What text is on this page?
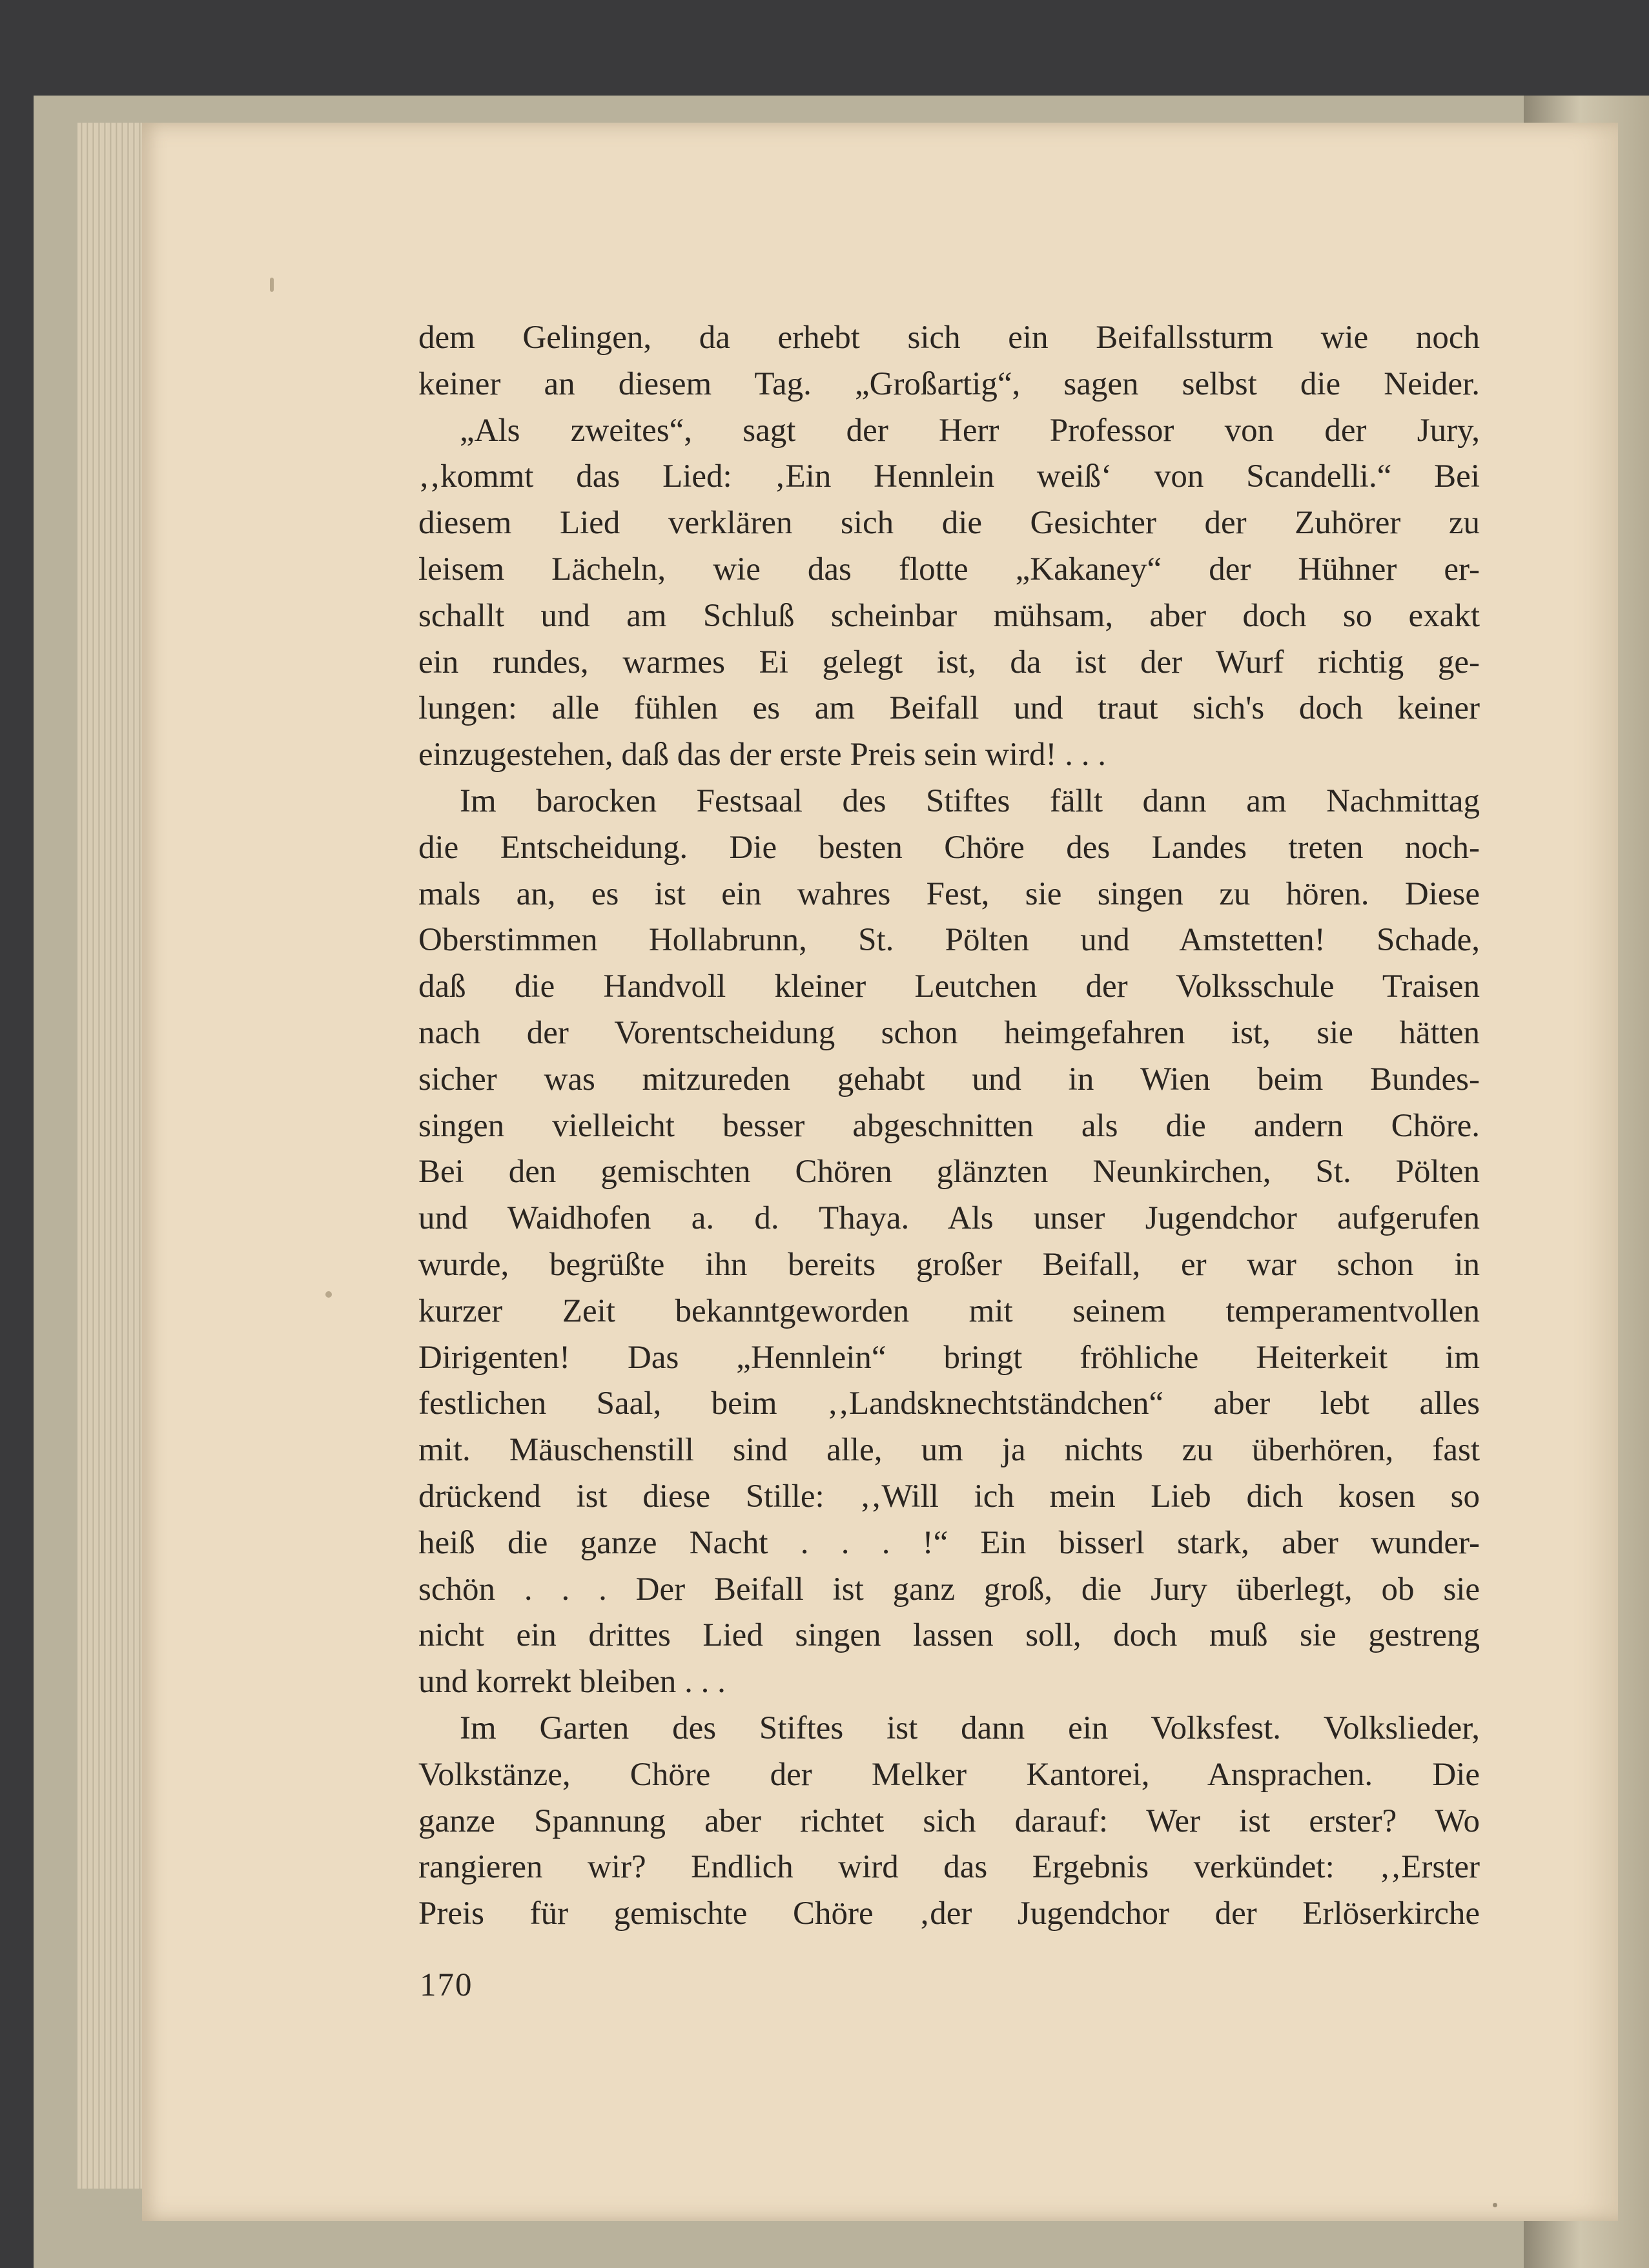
dem Gelingen, da erhebt sich ein Beifallssturm wie noch
keiner an diesem Tag. „Großartig“, sagen selbst die Neider.
„Als zweites“, sagt der Herr Professor von der Jury,
‚‚kommt das Lied: ‚Ein Hennlein weiß‘ von Scandelli.“ Bei
diesem Lied verklären sich die Gesichter der Zuhörer zu
leisem Lächeln, wie das flotte „Kakaney“ der Hühner er-
schallt und am Schluß scheinbar mühsam, aber doch so exakt
ein rundes, warmes Ei gelegt ist, da ist der Wurf richtig ge-
lungen: alle fühlen es am Beifall und traut sich's doch keiner
einzugestehen, daß das der erste Preis sein wird! . . .
Im barocken Festsaal des Stiftes fällt dann am Nachmittag
die Entscheidung. Die besten Chöre des Landes treten noch-
mals an, es ist ein wahres Fest, sie singen zu hören. Diese
Oberstimmen Hollabrunn, St. Pölten und Amstetten! Schade,
daß die Handvoll kleiner Leutchen der Volksschule Traisen
nach der Vorentscheidung schon heimgefahren ist, sie hätten
sicher was mitzureden gehabt und in Wien beim Bundes-
singen vielleicht besser abgeschnitten als die andern Chöre.
Bei den gemischten Chören glänzten Neunkirchen, St. Pölten
und Waidhofen a. d. Thaya. Als unser Jugendchor aufgerufen
wurde, begrüßte ihn bereits großer Beifall, er war schon in
kurzer Zeit bekanntgeworden mit seinem temperamentvollen
Dirigenten! Das „Hennlein“ bringt fröhliche Heiterkeit im
festlichen Saal, beim ‚‚Landsknechtständchen“ aber lebt alles
mit. Mäuschenstill sind alle, um ja nichts zu überhören, fast
drückend ist diese Stille: ‚‚Will ich mein Lieb dich kosen so
heiß die ganze Nacht . . . !“ Ein bisserl stark, aber wunder-
schön . . . Der Beifall ist ganz groß, die Jury überlegt, ob sie
nicht ein drittes Lied singen lassen soll, doch muß sie gestreng
und korrekt bleiben . . .
Im Garten des Stiftes ist dann ein Volksfest. Volkslieder,
Volkstänze, Chöre der Melker Kantorei, Ansprachen. Die
ganze Spannung aber richtet sich darauf: Wer ist erster? Wo
rangieren wir? Endlich wird das Ergebnis verkündet: ‚‚Erster
Preis für gemischte Chöre ‚der Jugendchor der Erlöserkirche
170
